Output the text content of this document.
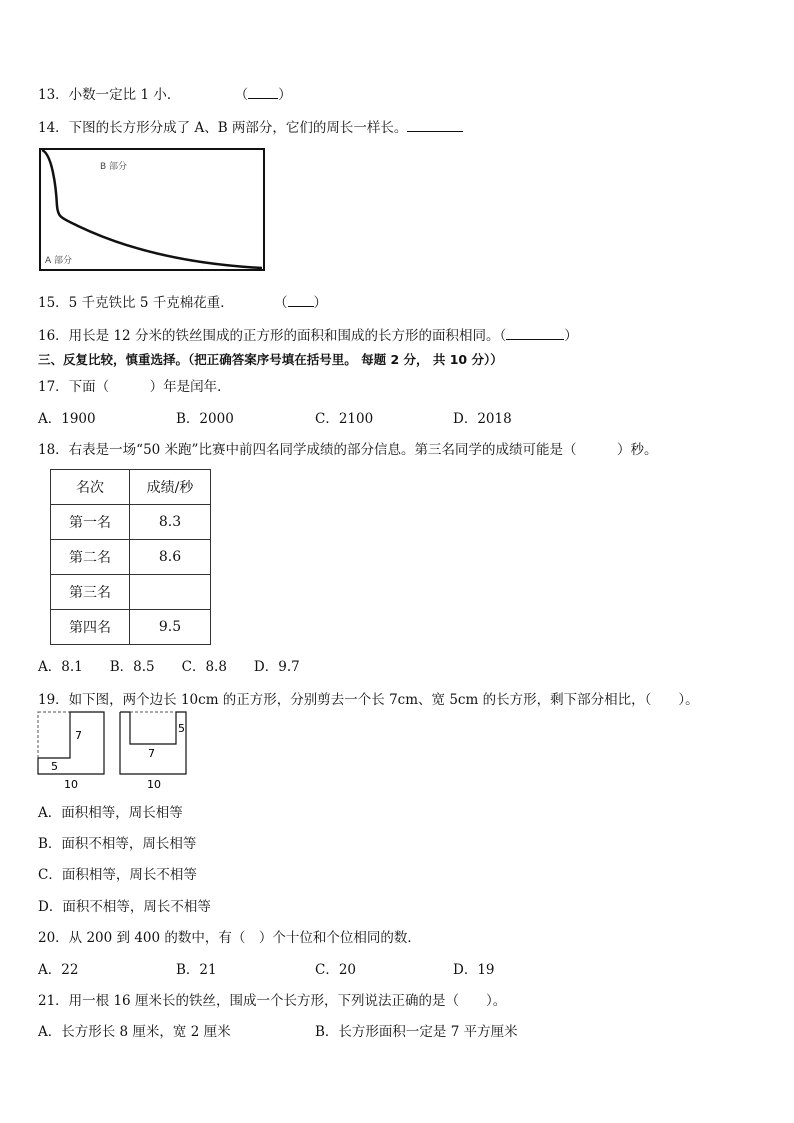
13．小数一定比 1 小．	（ ）
14．下图的长方形分成了 A、B 两部分，它们的周长一样长。
B 部分
A 部分
15．5 千克铁比 5 千克棉花重．	（ ）
16．用长是 12 分米的铁丝围成的正方形的面积和围成的长方形的面积相同。（	）
三、反复比较，慎重选择。（把正确答案序号填在括号里。 每题 2 分， 共 10 分））
17．下面（　　　）年是闰年．
A．1900	B．2000	C．2100	D．2018
18．右表是一场“50 米跑”比赛中前四名同学成绩的部分信息。第三名同学的成绩可能是（　　　）秒。
名次	成绩/秒
第一名	8.3
第二名	8.6
第三名	
第四名	9.5
A．8.1　　B．8.5　　C．8.8　　D．9.7
19．如下图，两个边长 10cm 的正方形，分别剪去一个长 7cm、宽 5cm 的长方形，剩下部分相比，（　　）。
7
5
10
7
5
10
A．面积相等，周长相等
B．面积不相等，周长相等
C．面积相等，周长不相等
D．面积不相等，周长不相等
20．从 200 到 400 的数中，有（　）个十位和个位相同的数．
A．22	B．21	C．20	D．19
21．用一根 16 厘米长的铁丝，围成一个长方形，下列说法正确的是（　　）。
A．长方形长 8 厘米，宽 2 厘米	B．长方形面积一定是 7 平方厘米
